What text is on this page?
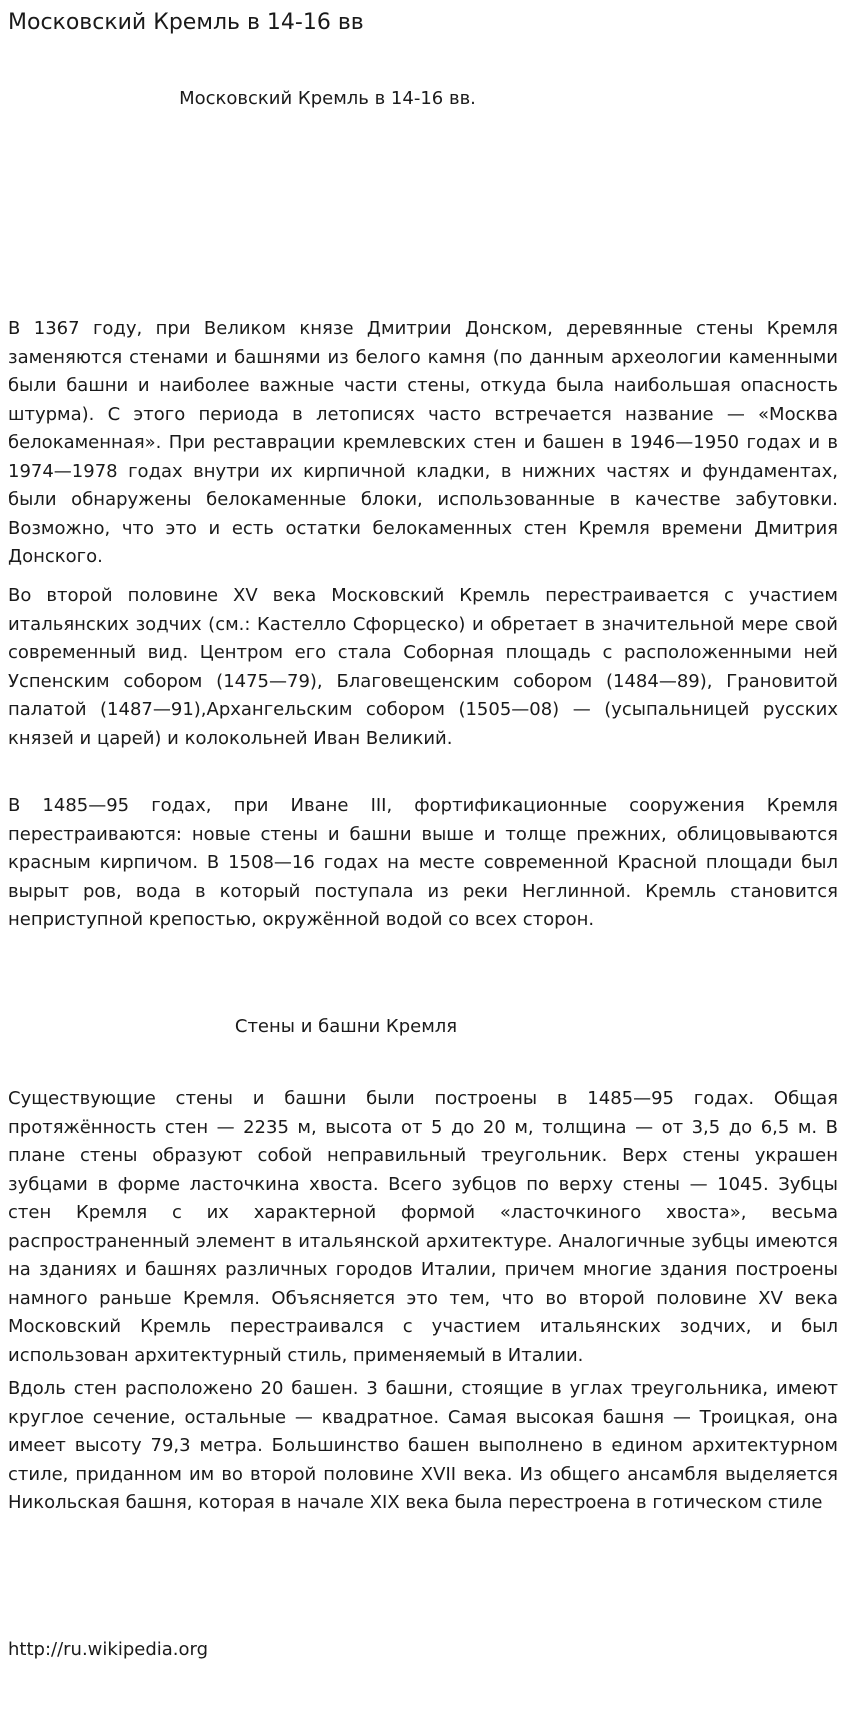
Московский Кремль в 14-16 вв
Московский Кремль в 14-16 вв.

В 1367 году, при Великом князе Дмитрии Донском, деревянные стены Кремля заменяются стенами и башнями из белого камня (по данным археологии каменными были башни и наиболее важные части стены, откуда была наибольшая опасность штурма). С этого периода в летописях часто встречается название — «Москва белокаменная». При реставрации кремлевских стен и башен в 1946—1950 годах и в 1974—1978 годах внутри их кирпичной кладки, в нижних частях и фундаментах, были обнаружены белокаменные блоки, использованные в качестве забутовки. Возможно, что это и есть остатки белокаменных стен Кремля времени Дмитрия Донского.

Во второй половине XV века Московский Кремль перестраивается с участием итальянских зодчих (см.: Кастелло Сфорцеско) и обретает в значительной мере свой современный вид. Центром его стала Соборная площадь с расположенными ней Успенским собором (1475—79), Благовещенским собором (1484—89), Грановитой палатой (1487—91),Архангельским собором (1505—08) — (усыпальницей русских князей и царей) и колокольней Иван Великий.

В 1485—95 годах, при Иване III, фортификационные сооружения Кремля перестраиваются: новые стены и башни выше и толще прежних, облицовываются красным кирпичом. В 1508—16 годах на месте современной Красной площади был вырыт ров, вода в который поступала из реки Неглинной. Кремль становится неприступной крепостью, окружённой водой со всех сторон.

Стены и башни Кремля

Существующие стены и башни были построены в 1485—95 годах. Общая протяжённость стен — 2235 м, высота от 5 до 20 м, толщина — от 3,5 до 6,5 м. В плане стены образуют собой неправильный треугольник. Верх стены украшен зубцами в форме ласточкина хвоста. Всего зубцов по верху стены — 1045. Зубцы стен Кремля с их характерной формой «ласточкиного хвоста», весьма распространенный элемент в итальянской архитектуре. Аналогичные зубцы имеются на зданиях и башнях различных городов Италии, причем многие здания построены намного раньше Кремля. Объясняется это тем, что во второй половине XV века Московский Кремль перестраивался с участием итальянских зодчих, и был использован архитектурный стиль, применяемый в Италии.

Вдоль стен расположено 20 башен. 3 башни, стоящие в углах треугольника, имеют круглое сечение, остальные — квадратное. Самая высокая башня — Троицкая, она имеет высоту 79,3 метра. Большинство башен выполнено в едином архитектурном стиле, приданном им во второй половине XVII века. Из общего ансамбля выделяется Никольская башня, которая в начале XIX века была перестроена в готическом стиле

http://ru.wikipedia.org
